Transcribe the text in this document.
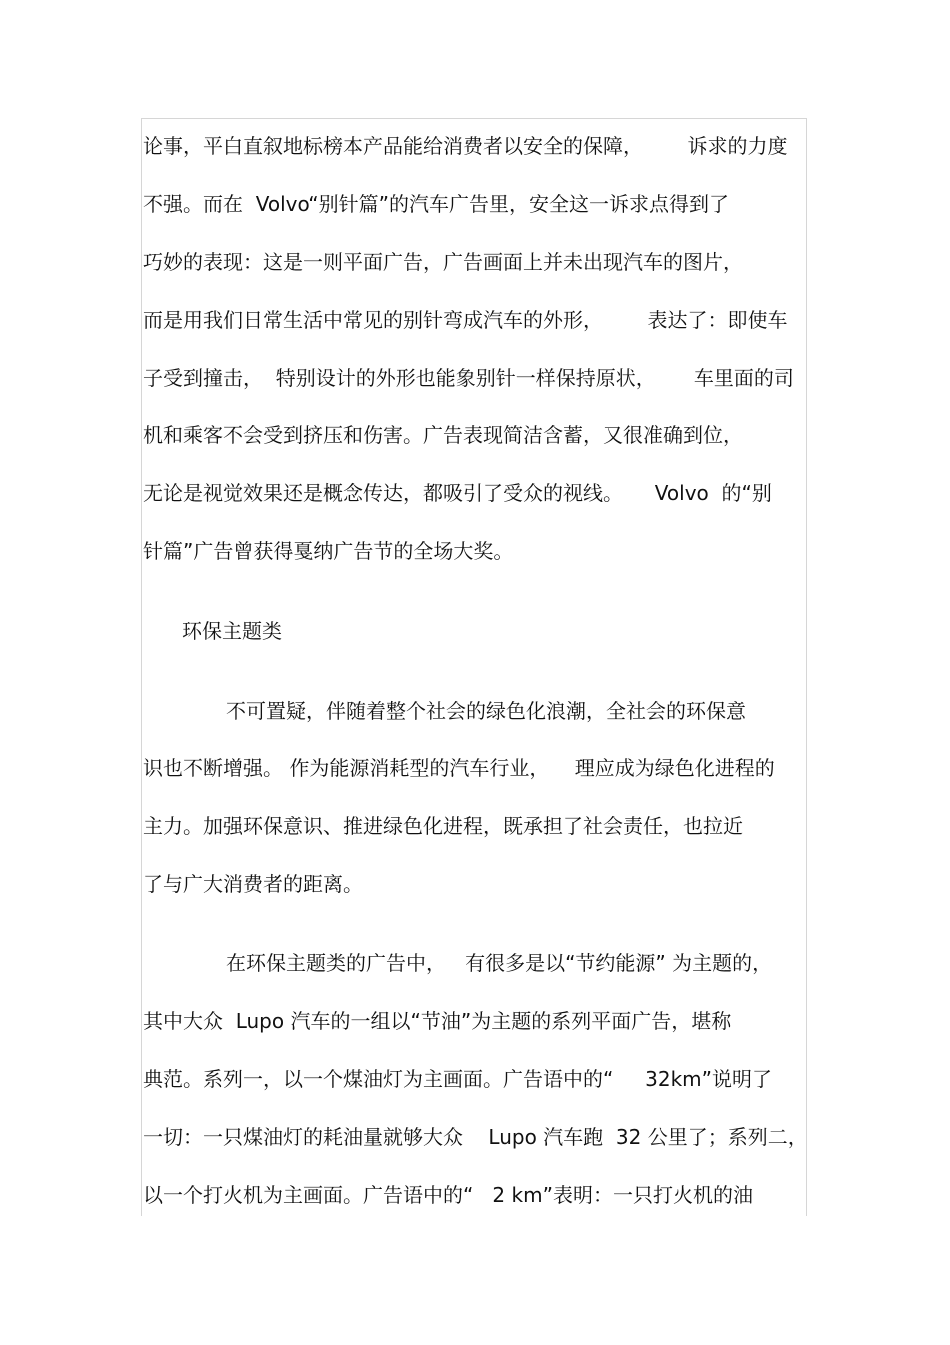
论事，平白直叙地标榜本产品能给消费者以安全的保障，       诉求的力度
不强。而在  Volvo“别针篇”的汽车广告里，安全这一诉求点得到了
巧妙的表现：这是一则平面广告，广告画面上并未出现汽车的图片，
而是用我们日常生活中常见的别针弯成汽车的外形，       表达了：即使车
子受到撞击，  特别设计的外形也能象别针一样保持原状，      车里面的司
机和乘客不会受到挤压和伤害。广告表现简洁含蓄，又很准确到位，
无论是视觉效果还是概念传达，都吸引了受众的视线。     Volvo  的“别
针篇”广告曾获得戛纳广告节的全场大奖。
环保主题类
不可置疑，伴随着整个社会的绿色化浪潮，全社会的环保意
识也不断增强。 作为能源消耗型的汽车行业，    理应成为绿色化进程的
主力。加强环保意识、推进绿色化进程，既承担了社会责任，也拉近
了与广大消费者的距离。
在环保主题类的广告中，   有很多是以“节约能源” 为主题的，
其中大众  Lupo 汽车的一组以“节油”为主题的系列平面广告，堪称
典范。系列一，以一个煤油灯为主画面。广告语中的“     32km”说明了
一切：一只煤油灯的耗油量就够大众    Lupo 汽车跑  32 公里了；系列二，
以一个打火机为主画面。广告语中的“   2 km”表明：一只打火机的油
